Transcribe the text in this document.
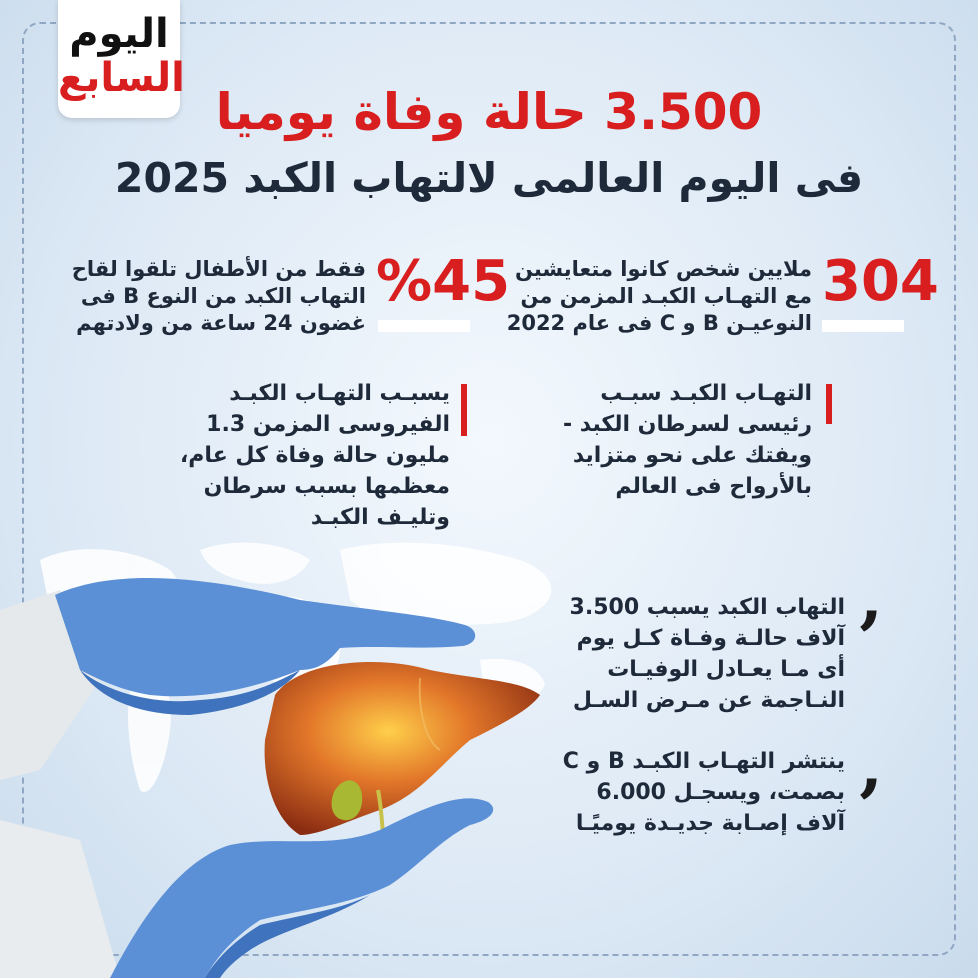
اليوم
السابع
3.500 حالة وفاة يوميا
فى اليوم العالمى لالتهاب الكبد 2025
304
ملايين شخص كانوا متعايشين مع التهـاب الكبـد المزمن من النوعيـن B و C فى عام 2022
%45
فقط من الأطفال تلقوا لقاح التهاب الكبد من النوع B فى غضون 24 ساعة من ولادتهم
التهـاب الكبـد سبـب رئيسى لسرطان الكبد - ويفتك على نحو متزايد بالأرواح فى العالم
يسبـب التهـاب الكبـد الفيروسى المزمن 1.3 مليون حالة وفاة كل عام، معظمها بسبب سرطان وتليـف الكبـد
‚
التهاب الكبد يسبب 3.500 آلاف حالـة وفـاة كـل يوم أى مـا يعـادل الوفيـات النـاجمة عن مـرض السـل
‚
ينتشر التهـاب الكبـد B و C بصمت، ويسجـل 6.000 آلاف إصـابة جديـدة يوميًـا
